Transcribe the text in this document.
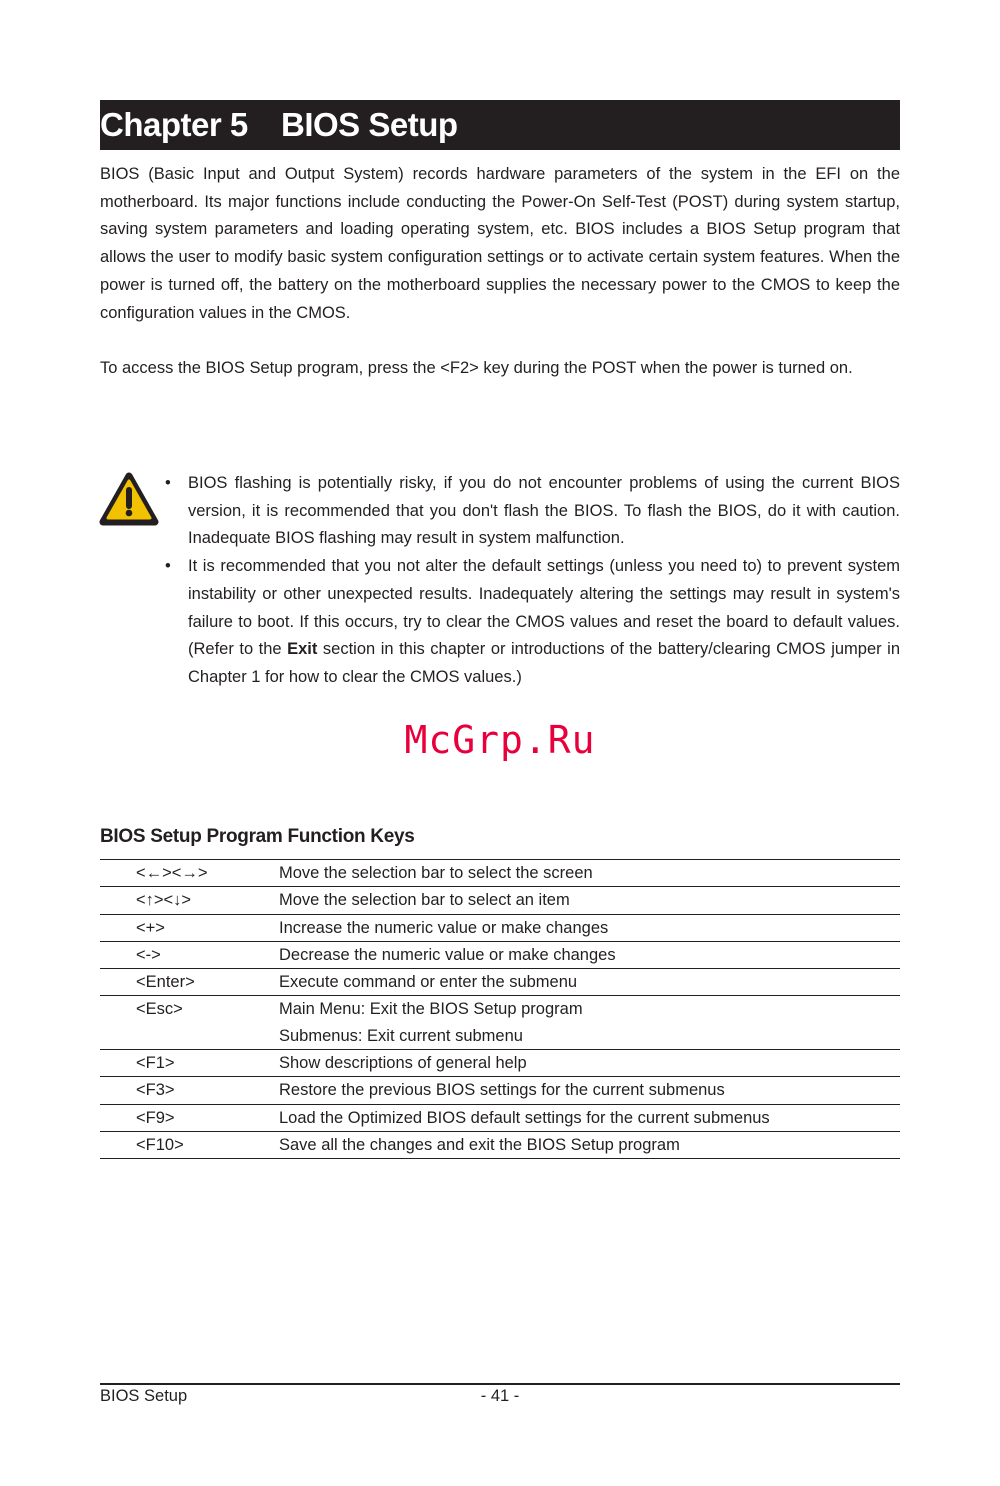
Chapter 5 BIOS Setup

BIOS (Basic Input and Output System) records hardware parameters of the system in the EFI on the motherboard. Its major functions include conducting the Power-On Self-Test (POST) during system startup, saving system parameters and loading operating system, etc. BIOS includes a BIOS Setup program that allows the user to modify basic system configuration settings or to activate certain system features. When the power is turned off, the battery on the motherboard supplies the necessary power to the CMOS to keep the configuration values in the CMOS.

To access the BIOS Setup program, press the <F2> key during the POST when the power is turned on.

• BIOS flashing is potentially risky, if you do not encounter problems of using the current BIOS version, it is recommended that you don't flash the BIOS. To flash the BIOS, do it with caution. Inadequate BIOS flashing may result in system malfunction.
• It is recommended that you not alter the default settings (unless you need to) to prevent system instability or other unexpected results. Inadequately altering the settings may result in system's failure to boot. If this occurs, try to clear the CMOS values and reset the board to default values. (Refer to the Exit section in this chapter or introductions of the battery/clearing CMOS jumper in Chapter 1 for how to clear the CMOS values.)
McGrp.Ru
BIOS Setup Program Function Keys
<←><→>	Move the selection bar to select the screen
<↑><↓>	Move the selection bar to select an item
<+>	Increase the numeric value or make changes
<->	Decrease the numeric value or make changes
<Enter>	Execute command or enter the submenu
<Esc>	Main Menu: Exit the BIOS Setup program
Submenus: Exit current submenu
<F1>	Show descriptions of general help
<F3>	Restore the previous BIOS settings for the current submenus
<F9>	Load the Optimized BIOS default settings for the current submenus
<F10>	Save all the changes and exit the BIOS Setup program
BIOS Setup	- 41 -
